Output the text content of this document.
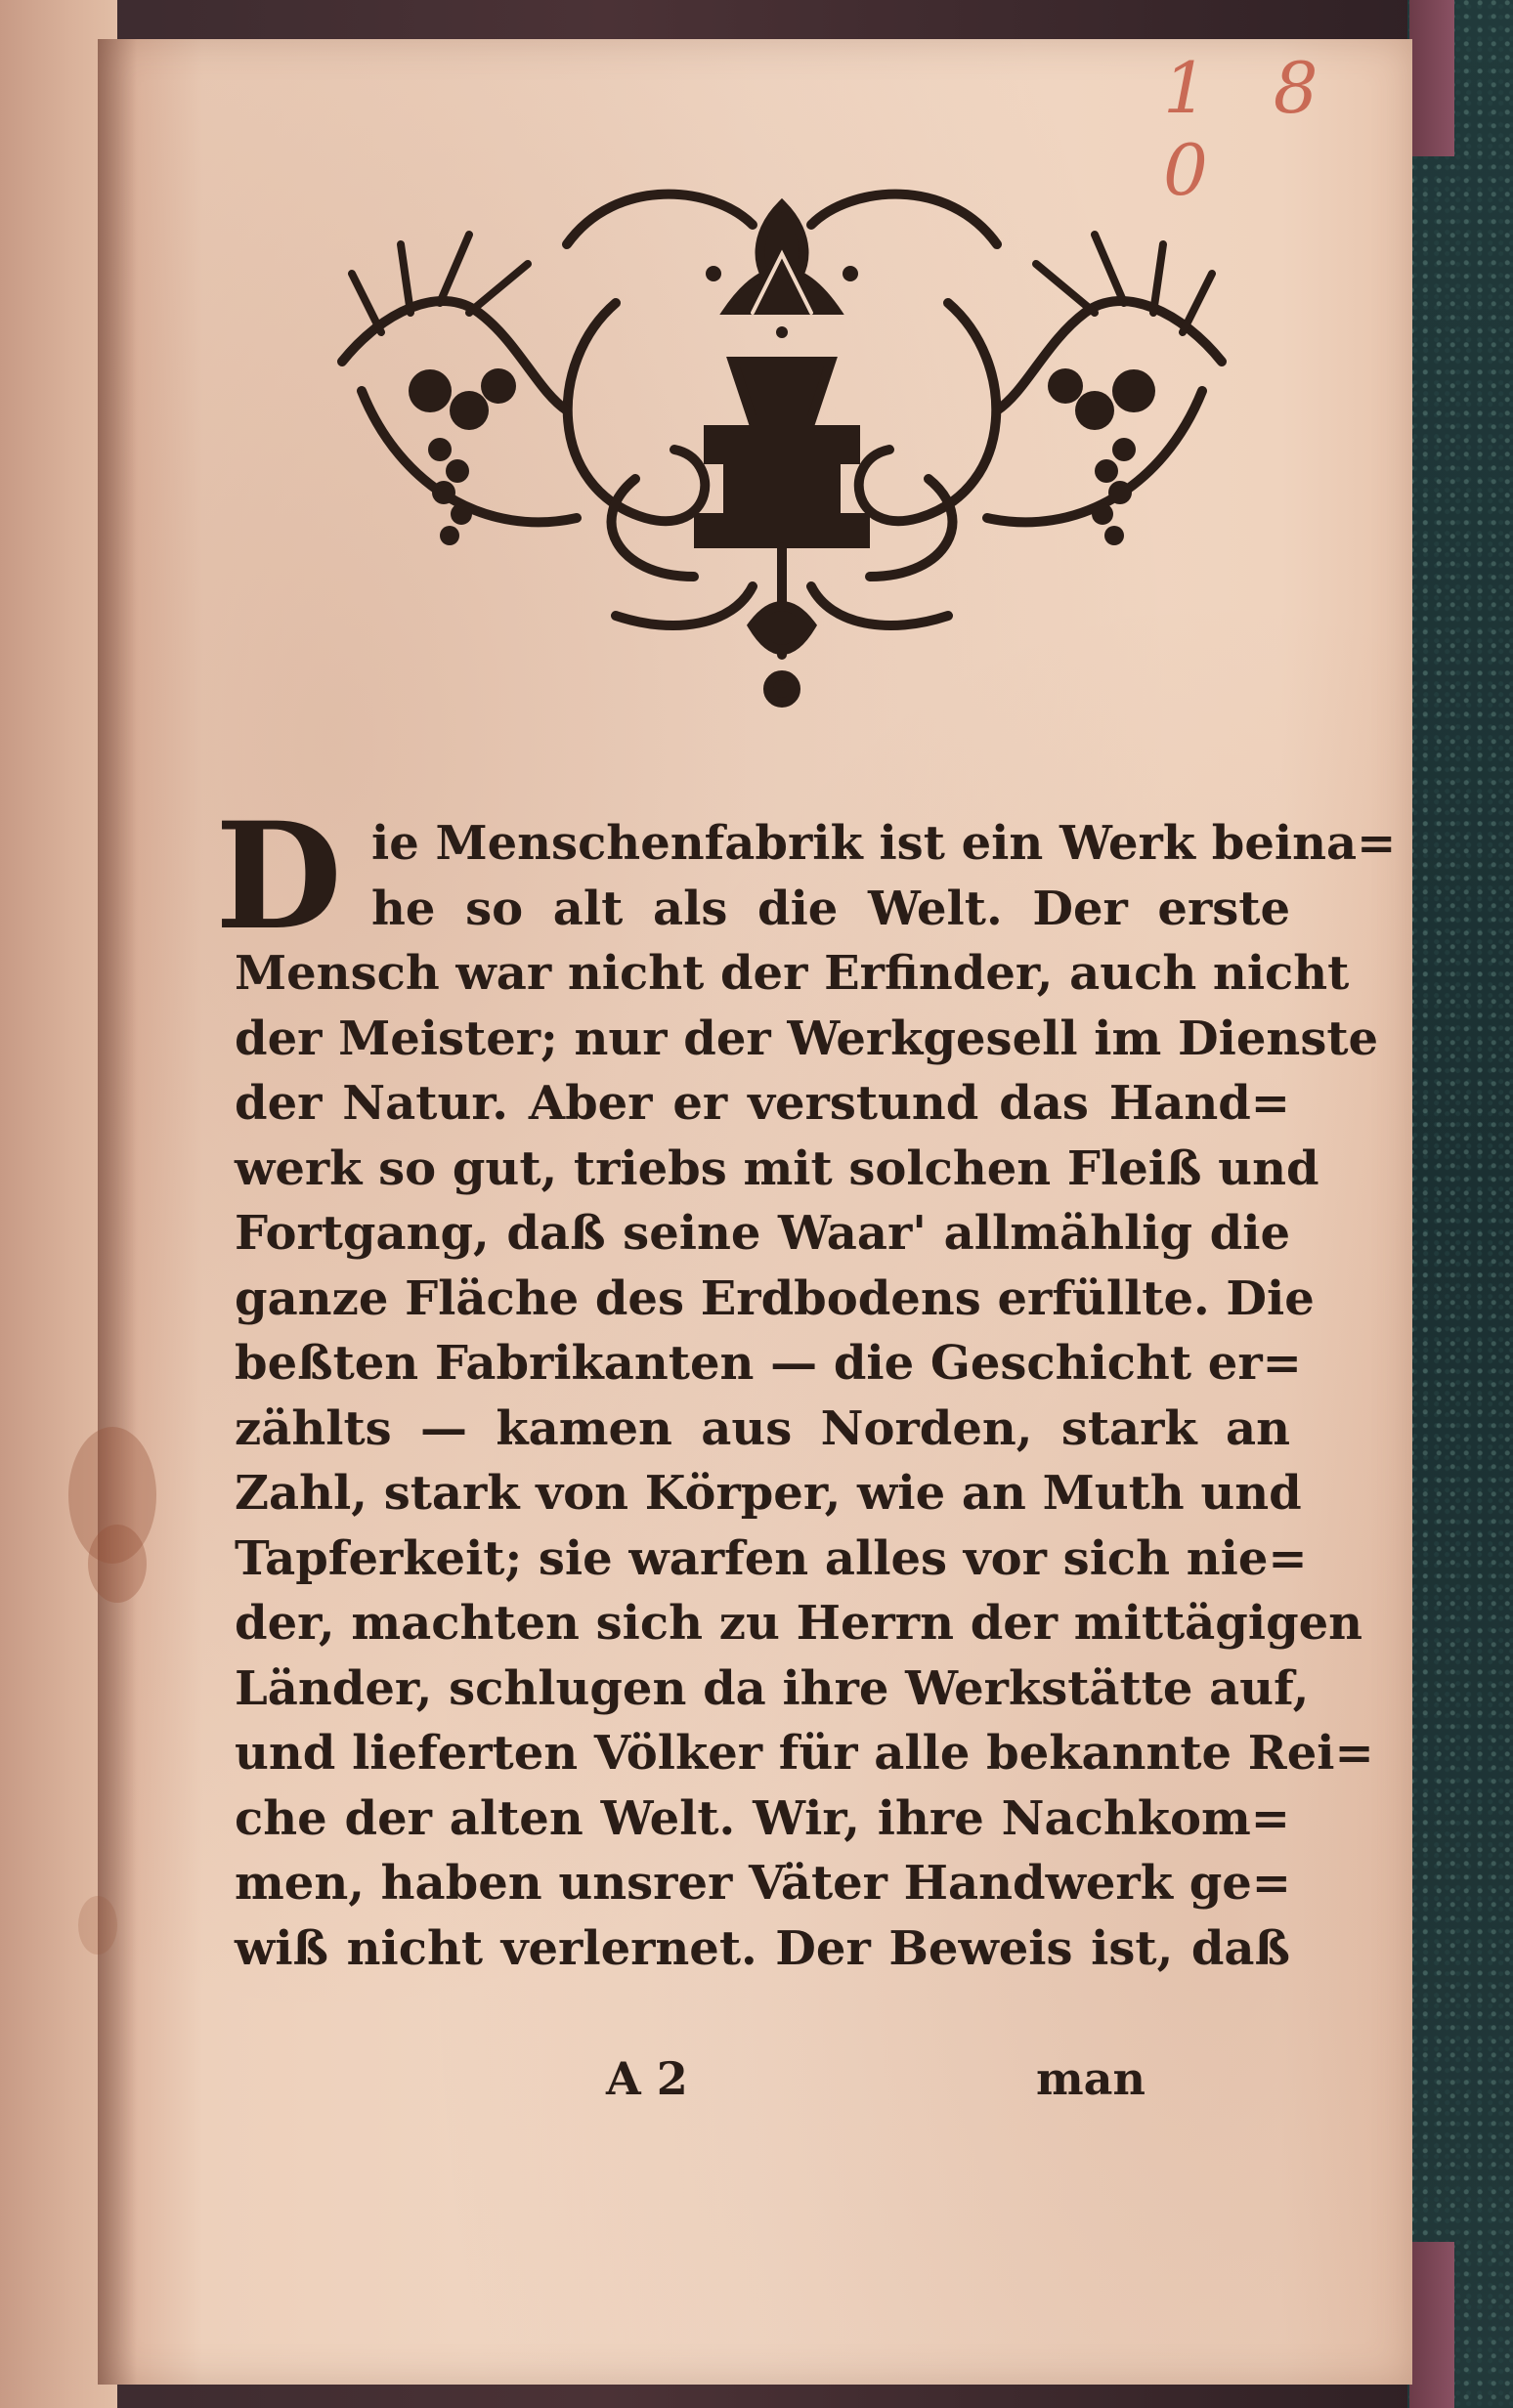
1 8 0
D ie Menschenfabrik ist ein Werk beina=
he so alt als die Welt. Der erste
Mensch war nicht der Erfinder, auch nicht
der Meister; nur der Werkgesell im Dienste
der Natur. Aber er verstund das Hand=
werk so gut, triebs mit solchen Fleiß und
Fortgang, daß seine Waar' allmählig die
ganze Fläche des Erdbodens erfüllte. Die
beßten Fabrikanten — die Geschicht er=
zählts — kamen aus Norden, stark an
Zahl, stark von Körper, wie an Muth und
Tapferkeit; sie warfen alles vor sich nie=
der, machten sich zu Herrn der mittägigen
Länder, schlugen da ihre Werkstätte auf,
und lieferten Völker für alle bekannte Rei=
che der alten Welt. Wir, ihre Nachkom=
men, haben unsrer Väter Handwerk ge=
wiß nicht verlernet. Der Beweis ist, daß
A 2	man
